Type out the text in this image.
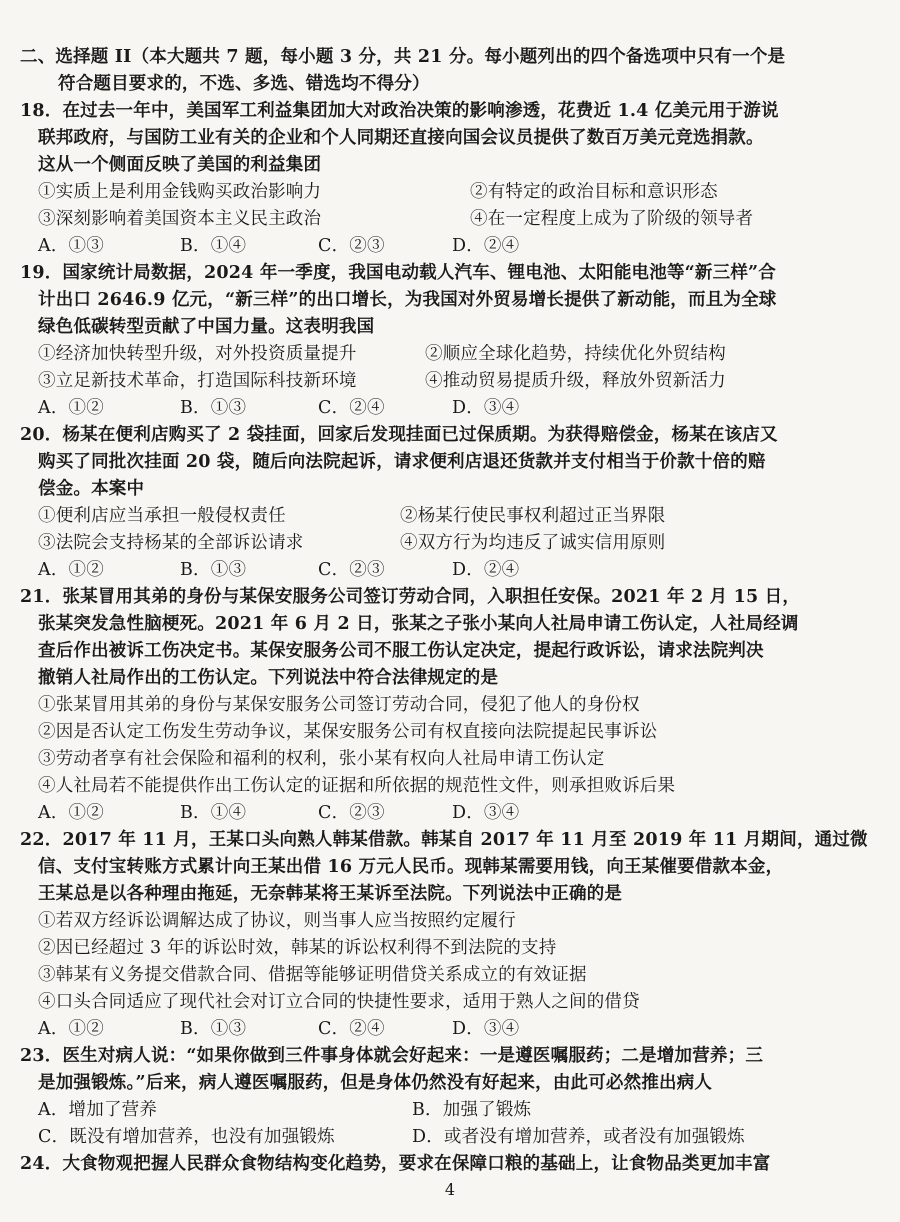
二、选择题 II（本大题共 7 题，每小题 3 分，共 21 分。每小题列出的四个备选项中只有一个是
符合题目要求的，不选、多选、错选均不得分）
18．在过去一年中，美国军工利益集团加大对政治决策的影响渗透，花费近 1.4 亿美元用于游说
联邦政府，与国防工业有关的企业和个人同期还直接向国会议员提供了数百万美元竞选捐款。
这从一个侧面反映了美国的利益集团
①实质上是利用金钱购买政治影响力	②有特定的政治目标和意识形态
③深刻影响着美国资本主义民主政治	④在一定程度上成为了阶级的领导者
A．①③	B．①④	C．②③	D．②④
19．国家统计局数据，2024 年一季度，我国电动载人汽车、锂电池、太阳能电池等“新三样”合
计出口 2646.9 亿元，“新三样”的出口增长，为我国对外贸易增长提供了新动能，而且为全球
绿色低碳转型贡献了中国力量。这表明我国
①经济加快转型升级，对外投资质量提升	②顺应全球化趋势，持续优化外贸结构
③立足新技术革命，打造国际科技新环境	④推动贸易提质升级，释放外贸新活力
A．①②	B．①③	C．②④	D．③④
20．杨某在便利店购买了 2 袋挂面，回家后发现挂面已过保质期。为获得赔偿金，杨某在该店又
购买了同批次挂面 20 袋，随后向法院起诉，请求便利店退还货款并支付相当于价款十倍的赔
偿金。本案中
①便利店应当承担一般侵权责任	②杨某行使民事权利超过正当界限
③法院会支持杨某的全部诉讼请求	④双方行为均违反了诚实信用原则
A．①②	B．①③	C．②③	D．②④
21．张某冒用其弟的身份与某保安服务公司签订劳动合同，入职担任安保。2021 年 2 月 15 日，
张某突发急性脑梗死。2021 年 6 月 2 日，张某之子张小某向人社局申请工伤认定，人社局经调
查后作出被诉工伤决定书。某保安服务公司不服工伤认定决定，提起行政诉讼，请求法院判决
撤销人社局作出的工伤认定。下列说法中符合法律规定的是
①张某冒用其弟的身份与某保安服务公司签订劳动合同，侵犯了他人的身份权
②因是否认定工伤发生劳动争议，某保安服务公司有权直接向法院提起民事诉讼
③劳动者享有社会保险和福利的权利，张小某有权向人社局申请工伤认定
④人社局若不能提供作出工伤认定的证据和所依据的规范性文件，则承担败诉后果
A．①②	B．①④	C．②③	D．③④
22．2017 年 11 月，王某口头向熟人韩某借款。韩某自 2017 年 11 月至 2019 年 11 月期间，通过微
信、支付宝转账方式累计向王某出借 16 万元人民币。现韩某需要用钱，向王某催要借款本金，
王某总是以各种理由拖延，无奈韩某将王某诉至法院。下列说法中正确的是
①若双方经诉讼调解达成了协议，则当事人应当按照约定履行
②因已经超过 3 年的诉讼时效，韩某的诉讼权利得不到法院的支持
③韩某有义务提交借款合同、借据等能够证明借贷关系成立的有效证据
④口头合同适应了现代社会对订立合同的快捷性要求，适用于熟人之间的借贷
A．①②	B．①③	C．②④	D．③④
23．医生对病人说：“如果你做到三件事身体就会好起来：一是遵医嘱服药；二是增加营养；三
是加强锻炼。”后来，病人遵医嘱服药，但是身体仍然没有好起来，由此可必然推出病人
A．增加了营养	B．加强了锻炼
C．既没有增加营养，也没有加强锻炼	D．或者没有增加营养，或者没有加强锻炼
24．大食物观把握人民群众食物结构变化趋势，要求在保障口粮的基础上，让食物品类更加丰富
4
